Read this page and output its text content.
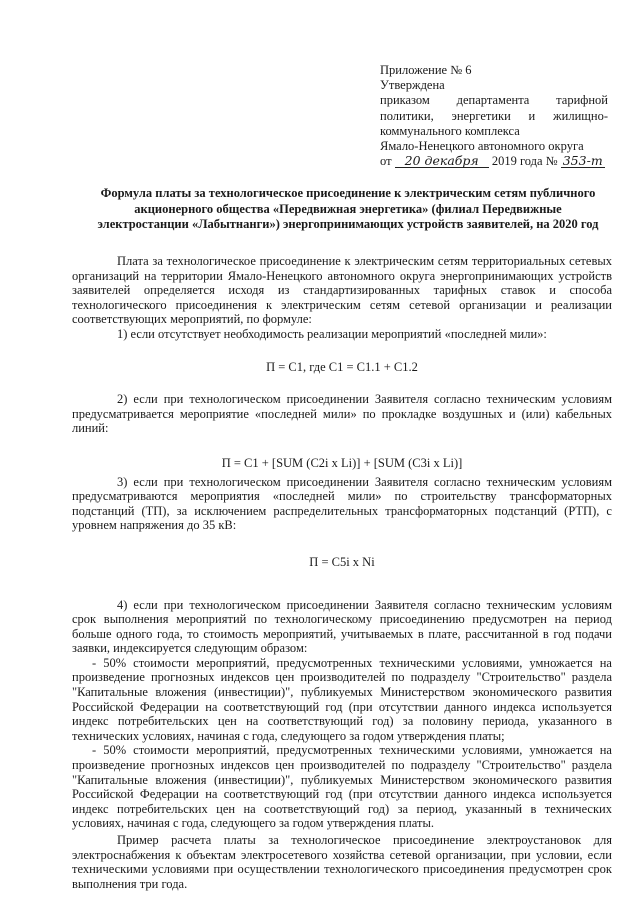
Приложение № 6
Утверждена
приказом департамента тарифной
политики, энергетики и жилищно-
коммунального комплекса
Ямало-Ненецкого автономного округа
от 20 декабря 2019 года № 353-т
Формула платы за технологическое присоединение к электрическим сетям публичного акционерного общества «Передвижная энергетика» (филиал Передвижные электростанции «Лабытнанги») энергопринимающих устройств заявителей, на 2020 год

Плата за технологическое присоединение к электрическим сетям территориальных сетевых организаций на территории Ямало-Ненецкого автономного округа энергопринимающих устройств заявителей определяется исходя из стандартизированных тарифных ставок и способа технологического присоединения к электрическим сетям сетевой организации и реализации соответствующих мероприятий, по формуле:

1) если отсутствует необходимость реализации мероприятий «последней мили»:

П = С1, где С1 = С1.1 + С1.2

2) если при технологическом присоединении Заявителя согласно техническим условиям предусматривается мероприятие «последней мили» по прокладке воздушных и (или) кабельных линий:

П = С1 + [SUM (С2i х Li)] + [SUM (С3i х Li)]

3) если при технологическом присоединении Заявителя согласно техническим условиям предусматриваются мероприятия «последней мили» по строительству трансформаторных подстанций (ТП), за исключением распределительных трансформаторных подстанций (РТП), с уровнем напряжения до 35 кВ:

П = С5i х Ni

4) если при технологическом присоединении Заявителя согласно техническим условиям срок выполнения мероприятий по технологическому присоединению предусмотрен на период больше одного года, то стоимость мероприятий, учитываемых в плате, рассчитанной в год подачи заявки, индексируется следующим образом:

- 50% стоимости мероприятий, предусмотренных техническими условиями, умножается на произведение прогнозных индексов цен производителей по подразделу "Строительство" раздела "Капитальные вложения (инвестиции)", публикуемых Министерством экономического развития Российской Федерации на соответствующий год (при отсутствии данного индекса используется индекс потребительских цен на соответствующий год) за половину периода, указанного в технических условиях, начиная с года, следующего за годом утверждения платы;

- 50% стоимости мероприятий, предусмотренных техническими условиями, умножается на произведение прогнозных индексов цен производителей по подразделу "Строительство" раздела "Капитальные вложения (инвестиции)", публикуемых Министерством экономического развития Российской Федерации на соответствующий год (при отсутствии данного индекса используется индекс потребительских цен на соответствующий год) за период, указанный в технических условиях, начиная с года, следующего за годом утверждения платы.

Пример расчета платы за технологическое присоединение электроустановок для электроснабжения к объектам электросетевого хозяйства сетевой организации, при условии, если техническими условиями при осуществлении технологического присоединения предусмотрен срок выполнения три года.
